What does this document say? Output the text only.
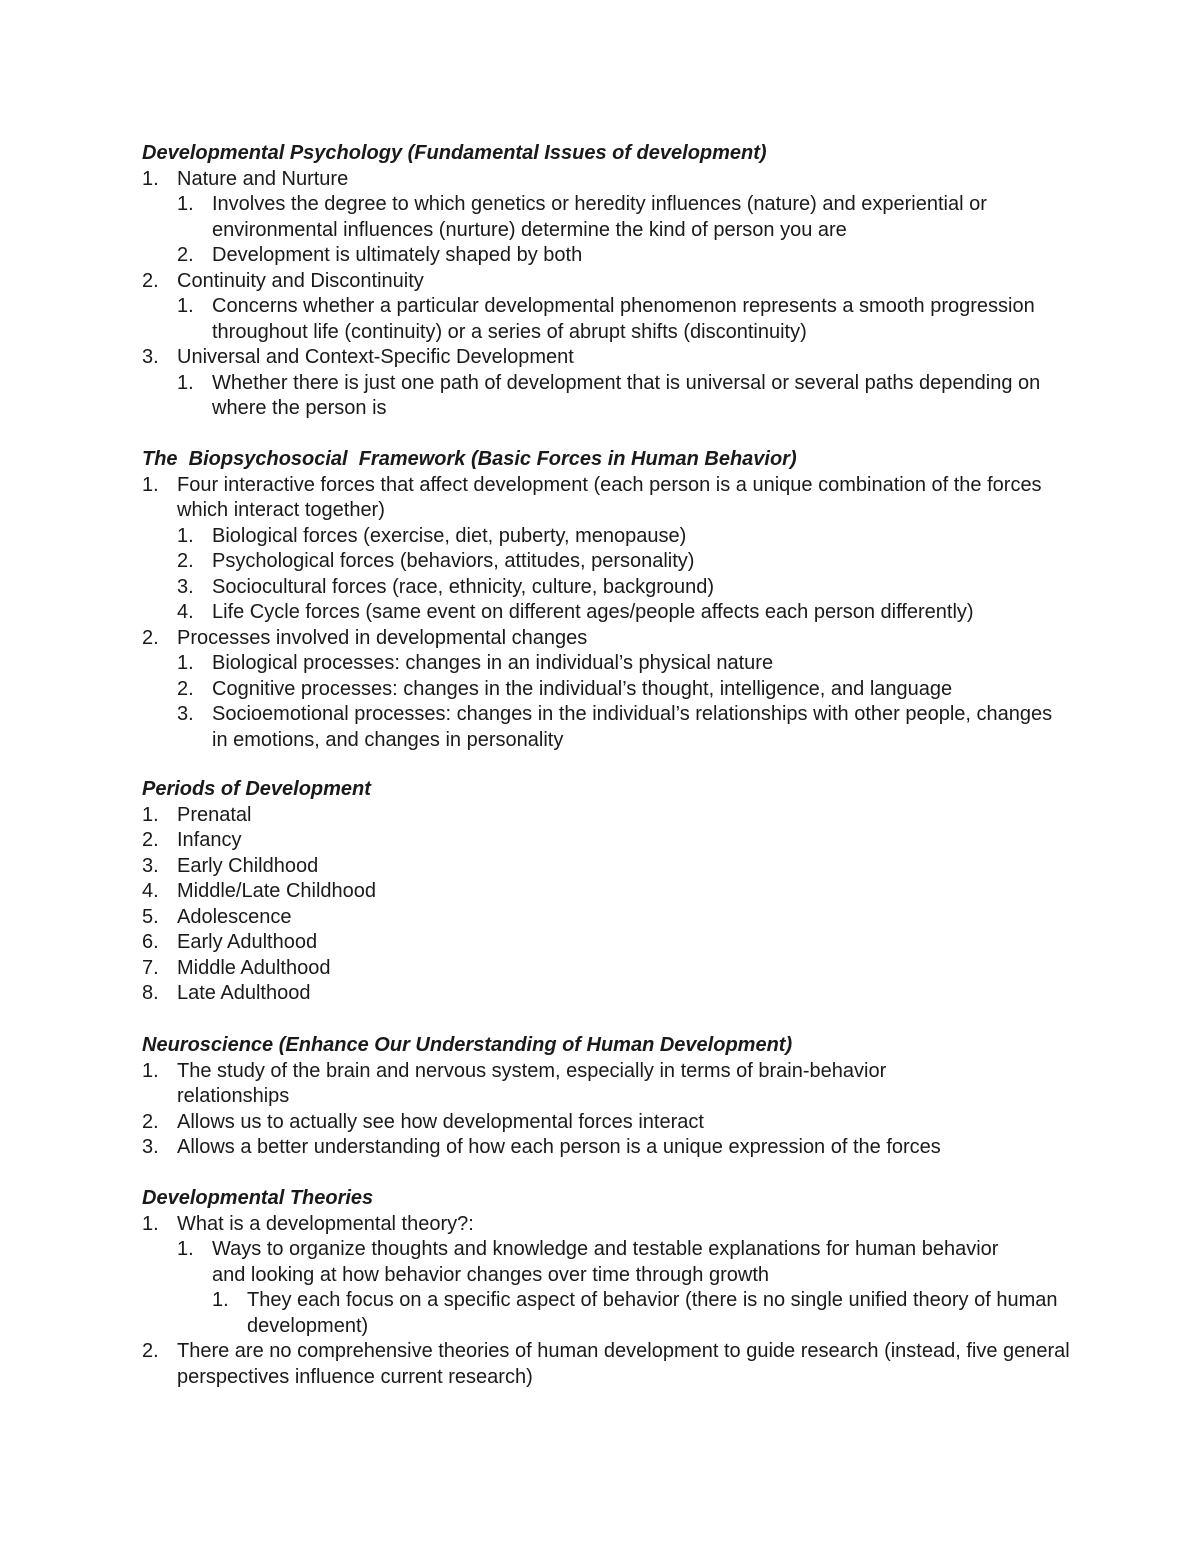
Developmental Psychology (Fundamental Issues of development)
1. Nature and Nurture
1. Involves the degree to which genetics or heredity influences (nature) and experiential or environmental influences (nurture) determine the kind of person you are
2. Development is ultimately shaped by both
2. Continuity and Discontinuity
1. Concerns whether a particular developmental phenomenon represents a smooth progression throughout life (continuity) or a series of abrupt shifts (discontinuity)
3. Universal and Context-Specific Development
1. Whether there is just one path of development that is universal or several paths depending on where the person is
The  Biopsychosocial  Framework (Basic Forces in Human Behavior)
1. Four interactive forces that affect development (each person is a unique combination of the forces which interact together)
1. Biological forces (exercise, diet, puberty, menopause)
2. Psychological forces (behaviors, attitudes, personality)
3. Sociocultural forces (race, ethnicity, culture, background)
4. Life Cycle forces (same event on different ages/people affects each person differently)
2. Processes involved in developmental changes
1. Biological processes: changes in an individual’s physical nature
2. Cognitive processes: changes in the individual’s thought, intelligence, and language
3. Socioemotional processes: changes in the individual’s relationships with other people, changes in emotions, and changes in personality
Periods of Development
1. Prenatal
2. Infancy
3. Early Childhood
4. Middle/Late Childhood
5. Adolescence
6. Early Adulthood
7. Middle Adulthood
8. Late Adulthood
Neuroscience (Enhance Our Understanding of Human Development)
1. The study of the brain and nervous system, especially in terms of brain-behavior relationships
2. Allows us to actually see how developmental forces interact
3. Allows a better understanding of how each person is a unique expression of the forces
Developmental Theories
1. What is a developmental theory?:
1. Ways to organize thoughts and knowledge and testable explanations for human behavior and looking at how behavior changes over time through growth
1. They each focus on a specific aspect of behavior (there is no single unified theory of human development)
2. There are no comprehensive theories of human development to guide research (instead, five general perspectives influence current research)
